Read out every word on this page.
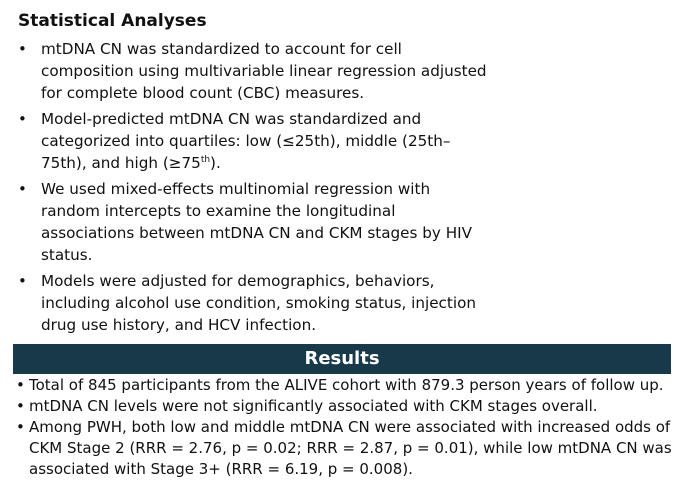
Statistical Analyses
• mtDNA CN was standardized to account for cell composition using multivariable linear regression adjusted for complete blood count (CBC) measures.
• Model-predicted mtDNA CN was standardized and categorized into quartiles: low (≤25th), middle (25th–75th), and high (≥75th).
• We used mixed-effects multinomial regression with random intercepts to examine the longitudinal associations between mtDNA CN and CKM stages by HIV status.
• Models were adjusted for demographics, behaviors, including alcohol use condition, smoking status, injection drug use history, and HCV infection.
Results
• Total of 845 participants from the ALIVE cohort with 879.3 person years of follow up.
• mtDNA CN levels were not significantly associated with CKM stages overall.
• Among PWH, both low and middle mtDNA CN were associated with increased odds of CKM Stage 2 (RRR = 2.76, p = 0.02; RRR = 2.87, p = 0.01), while low mtDNA CN was associated with Stage 3+ (RRR = 6.19, p = 0.008).
